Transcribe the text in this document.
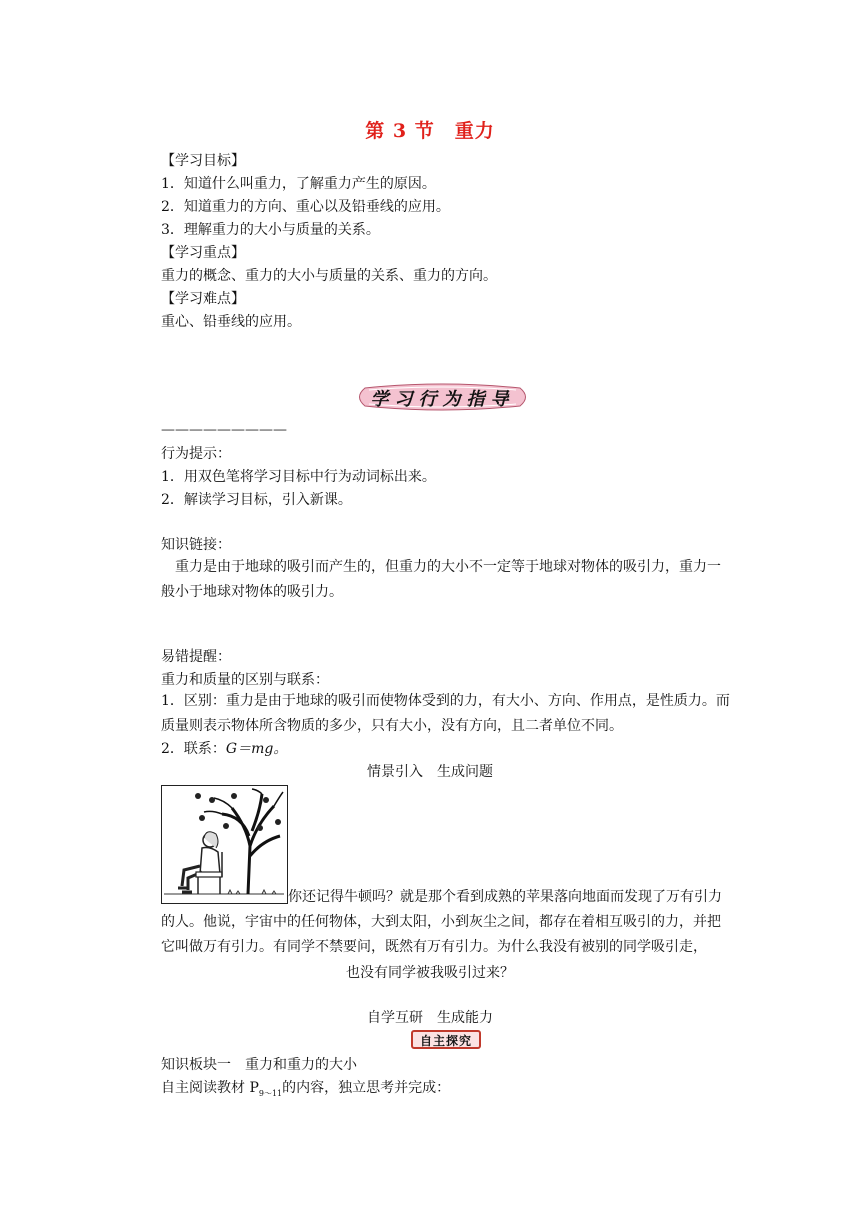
第 3 节　重力
【学习目标】
1．知道什么叫重力，了解重力产生的原因。
2．知道重力的方向、重心以及铅垂线的应用。
3．理解重力的大小与质量的关系。
【学习重点】
重力的概念、重力的大小与质量的关系、重力的方向。
【学习难点】
重心、铅垂线的应用。
学习行为指导
—————————
行为提示：
1．用双色笔将学习目标中行为动词标出来。
2．解读学习目标，引入新课。
知识链接：
重力是由于地球的吸引而产生的，但重力的大小不一定等于地球对物体的吸引力，重力一般小于地球对物体的吸引力。
易错提醒：
重力和质量的区别与联系：
1．区别：重力是由于地球的吸引而使物体受到的力，有大小、方向、作用点，是性质力。而质量则表示物体所含物质的多少，只有大小，没有方向，且二者单位不同。
2．联系：G＝mg。
情景引入　生成问题
你还记得牛顿吗？就是那个看到成熟的苹果落向地面而发现了万有引力的人。他说，宇宙中的任何物体，大到太阳，小到灰尘之间，都存在着相互吸引的力，并把它叫做万有引力。有同学不禁要问，既然有万有引力。为什么我没有被别的同学吸引走，
也没有同学被我吸引过来？
自学互研　生成能力
自主探究
知识板块一　重力和重力的大小
自主阅读教材 $P_{9\sim 11}$的内容，独立思考并完成：
